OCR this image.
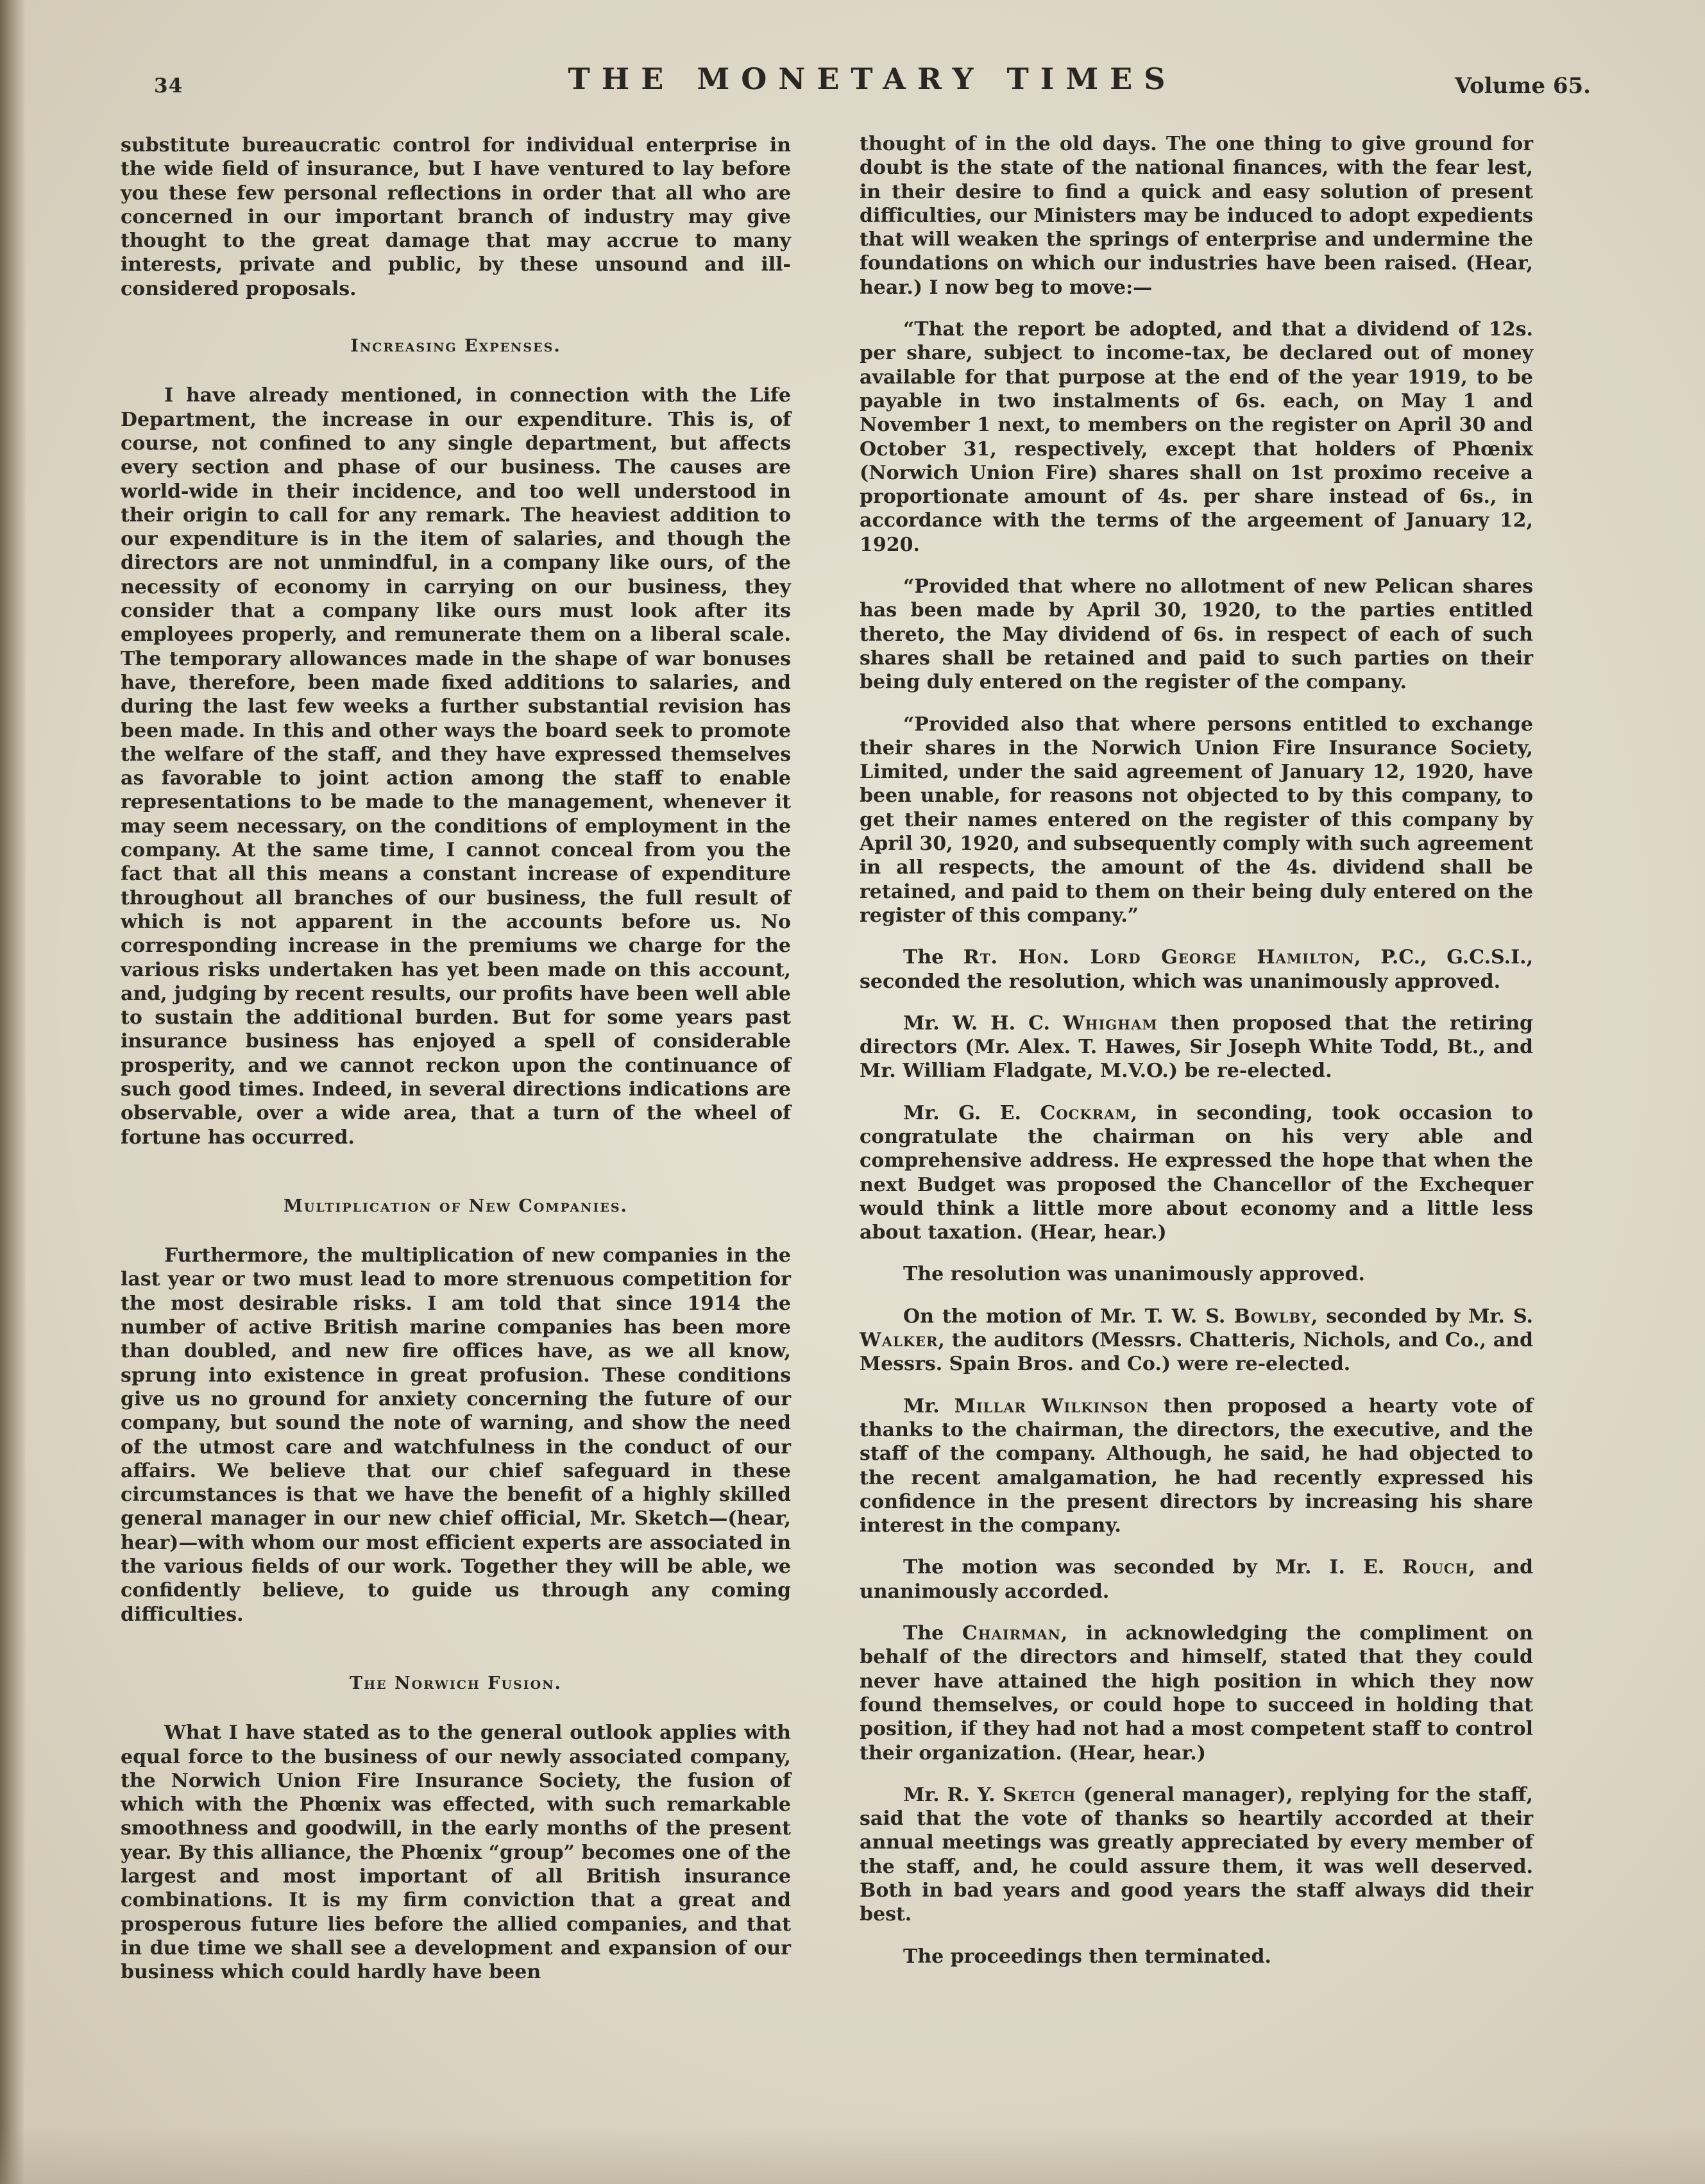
34	THE MONETARY TIMES	Volume 65.

substitute bureaucratic control for individual enterprise in the wide field of insurance, but I have ventured to lay before you these few personal reflections in order that all who are concerned in our important branch of industry may give thought to the great damage that may accrue to many interests, private and public, by these unsound and ill-considered proposals.

Increasing Expenses.

I have already mentioned, in connection with the Life Department, the increase in our expenditure. This is, of course, not confined to any single department, but affects every section and phase of our business. The causes are world-wide in their incidence, and too well understood in their origin to call for any remark. The heaviest addition to our expenditure is in the item of salaries, and though the directors are not unmindful, in a company like ours, of the necessity of economy in carrying on our business, they consider that a company like ours must look after its employees properly, and remunerate them on a liberal scale. The temporary allowances made in the shape of war bonuses have, therefore, been made fixed additions to salaries, and during the last few weeks a further substantial revision has been made. In this and other ways the board seek to promote the welfare of the staff, and they have expressed themselves as favorable to joint action among the staff to enable representations to be made to the management, whenever it may seem necessary, on the conditions of employment in the company. At the same time, I cannot conceal from you the fact that all this means a constant increase of expenditure throughout all branches of our business, the full result of which is not apparent in the accounts before us. No corresponding increase in the premiums we charge for the various risks undertaken has yet been made on this account, and, judging by recent results, our profits have been well able to sustain the additional burden. But for some years past insurance business has enjoyed a spell of considerable prosperity, and we cannot reckon upon the continuance of such good times. Indeed, in several directions indications are observable, over a wide area, that a turn of the wheel of fortune has occurred.

Multiplication of New Companies.

Furthermore, the multiplication of new companies in the last year or two must lead to more strenuous competition for the most desirable risks. I am told that since 1914 the number of active British marine companies has been more than doubled, and new fire offices have, as we all know, sprung into existence in great profusion. These conditions give us no ground for anxiety concerning the future of our company, but sound the note of warning, and show the need of the utmost care and watchfulness in the conduct of our affairs. We believe that our chief safeguard in these circumstances is that we have the benefit of a highly skilled general manager in our new chief official, Mr. Sketch—(hear, hear)—with whom our most efficient experts are associated in the various fields of our work. Together they will be able, we confidently believe, to guide us through any coming difficulties.

The Norwich Fusion.

What I have stated as to the general outlook applies with equal force to the business of our newly associated company, the Norwich Union Fire Insurance Society, the fusion of which with the Phœnix was effected, with such remarkable smoothness and goodwill, in the early months of the present year. By this alliance, the Phœnix “group” becomes one of the largest and most important of all British insurance combinations. It is my firm conviction that a great and prosperous future lies before the allied companies, and that in due time we shall see a development and expansion of our business which could hardly have been

thought of in the old days. The one thing to give ground for doubt is the state of the national finances, with the fear lest, in their desire to find a quick and easy solution of present difficulties, our Ministers may be induced to adopt expedients that will weaken the springs of enterprise and undermine the foundations on which our industries have been raised. (Hear, hear.) I now beg to move:—

“That the report be adopted, and that a dividend of 12s. per share, subject to income-tax, be declared out of money available for that purpose at the end of the year 1919, to be payable in two instalments of 6s. each, on May 1 and November 1 next, to members on the register on April 30 and October 31, respectively, except that holders of Phœnix (Norwich Union Fire) shares shall on 1st proximo receive a proportionate amount of 4s. per share instead of 6s., in accordance with the terms of the argeement of January 12, 1920.

“Provided that where no allotment of new Pelican shares has been made by April 30, 1920, to the parties entitled thereto, the May dividend of 6s. in respect of each of such shares shall be retained and paid to such parties on their being duly entered on the register of the company.

“Provided also that where persons entitled to exchange their shares in the Norwich Union Fire Insurance Society, Limited, under the said agreement of January 12, 1920, have been unable, for reasons not objected to by this company, to get their names entered on the register of this company by April 30, 1920, and subsequently comply with such agreement in all respects, the amount of the 4s. dividend shall be retained, and paid to them on their being duly entered on the register of this company.”

The Rt. Hon. Lord George Hamilton, P.C., G.C.S.I., seconded the resolution, which was unanimously approved.

Mr. W. H. C. Whigham then proposed that the retiring directors (Mr. Alex. T. Hawes, Sir Joseph White Todd, Bt., and Mr. William Fladgate, M.V.O.) be re-elected.

Mr. G. E. Cockram, in seconding, took occasion to congratulate the chairman on his very able and comprehensive address. He expressed the hope that when the next Budget was proposed the Chancellor of the Exchequer would think a little more about economy and a little less about taxation. (Hear, hear.)

The resolution was unanimously approved.

On the motion of Mr. T. W. S. Bowlby, seconded by Mr. S. Walker, the auditors (Messrs. Chatteris, Nichols, and Co., and Messrs. Spain Bros. and Co.) were re-elected.

Mr. Millar Wilkinson then proposed a hearty vote of thanks to the chairman, the directors, the executive, and the staff of the company. Although, he said, he had objected to the recent amalgamation, he had recently expressed his confidence in the present directors by increasing his share interest in the company.

The motion was seconded by Mr. I. E. Rouch, and unanimously accorded.

The Chairman, in acknowledging the compliment on behalf of the directors and himself, stated that they could never have attained the high position in which they now found themselves, or could hope to succeed in holding that position, if they had not had a most competent staff to control their organization. (Hear, hear.)

Mr. R. Y. Sketch (general manager), replying for the staff, said that the vote of thanks so heartily accorded at their annual meetings was greatly appreciated by every member of the staff, and, he could assure them, it was well deserved. Both in bad years and good years the staff always did their best.

The proceedings then terminated.
